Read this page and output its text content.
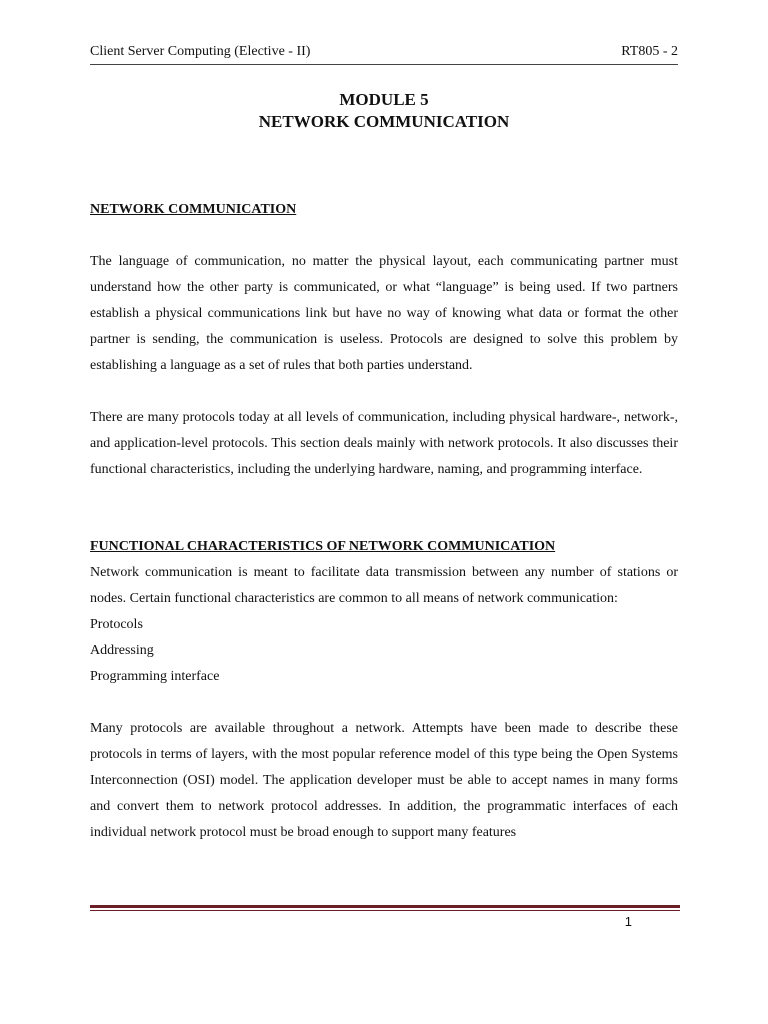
Client Server Computing (Elective - II)	RT805 - 2
MODULE 5
NETWORK COMMUNICATION
NETWORK COMMUNICATION

The language of communication, no matter the physical layout, each communicating partner must understand how the other party is communicated, or what “language” is being used. If two partners establish a physical communications link but have no way of knowing what data or format the other partner is sending, the communication is useless. Protocols are designed to solve this problem by establishing a language as a set of rules that both parties understand.

There are many protocols today at all levels of communication, including physical hardware-, network-, and application-level protocols. This section deals mainly with network protocols. It also discusses their functional characteristics, including the underlying hardware, naming, and programming interface.

FUNCTIONAL CHARACTERISTICS OF NETWORK COMMUNICATION

Network communication is meant to facilitate data transmission between any number of stations or nodes. Certain functional characteristics are common to all means of network communication:

Protocols

Addressing

Programming interface

Many protocols are available throughout a network. Attempts have been made to describe these protocols in terms of layers, with the most popular reference model of this type being the Open Systems Interconnection (OSI) model. The application developer must be able to accept names in many forms and convert them to network protocol addresses. In addition, the programmatic interfaces of each individual network protocol must be broad enough to support many features

1
